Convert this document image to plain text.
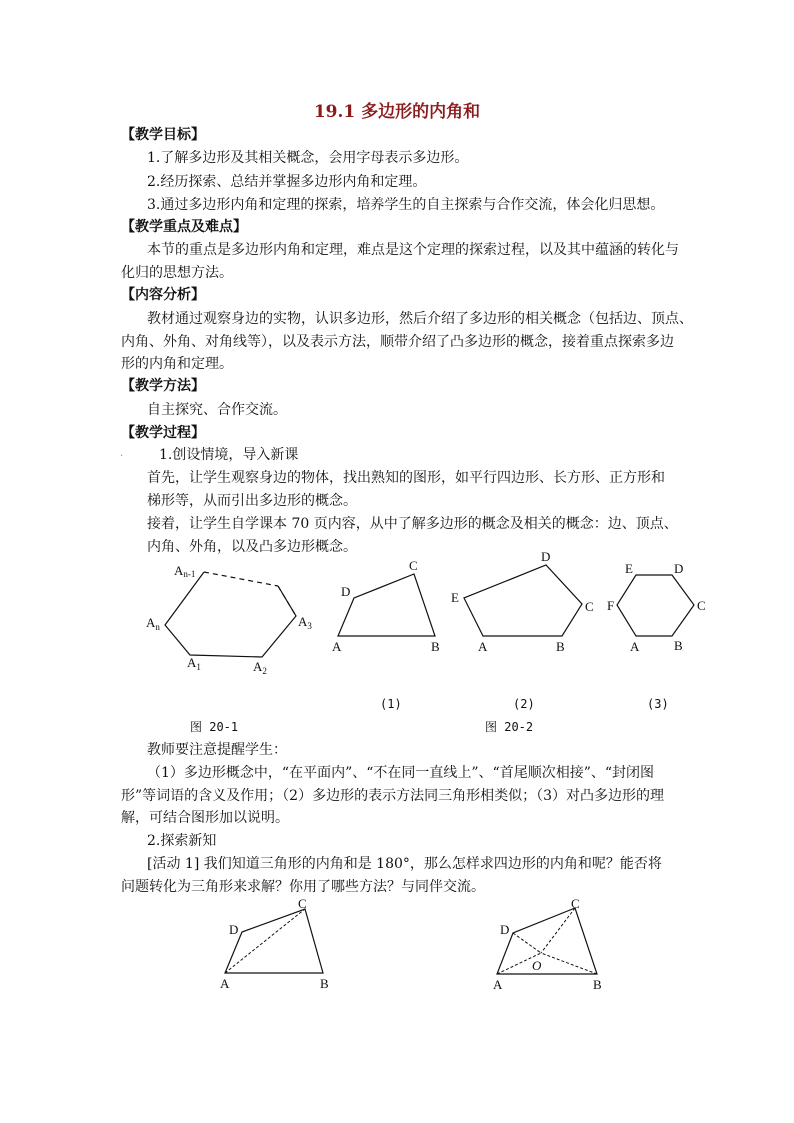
19.1 多边形的内角和
【教学目标】
1.了解多边形及其相关概念，会用字母表示多边形。
2.经历探索、总结并掌握多边形内角和定理。
3.通过多边形内角和定理的探索，培养学生的自主探索与合作交流，体会化归思想。
【教学重点及难点】
本节的重点是多边形内角和定理，难点是这个定理的探索过程，以及其中蕴涵的转化与
化归的思想方法。
【内容分析】
教材通过观察身边的实物，认识多边形，然后介绍了多边形的相关概念（包括边、顶点、
内角、外角、对角线等），以及表示方法，顺带介绍了凸多边形的概念，接着重点探索多边
形的内角和定理。
【教学方法】
自主探究、合作交流。
【教学过程】
.	1.创设情境，导入新课
首先，让学生观察身边的物体，找出熟知的图形，如平行四边形、长方形、正方形和
梯形等，从而引出多边形的概念。
接着，让学生自学课本 70 页内容，从中了解多边形的概念及相关的概念：边、顶点、
内角、外角，以及凸多边形概念。
(1)	(2)	(3)
图 20-1	图 20-2
教师要注意提醒学生：
（1）多边形概念中，“在平面内”、“不在同一直线上”、“首尾顺次相接”、“封闭图
形”等词语的含义及作用；（2）多边形的表示方法同三角形相类似；（3）对凸多边形的理
解，可结合图形加以说明。
2.探索新知
[活动 1] 我们知道三角形的内角和是 180°，那么怎样求四边形的内角和呢？能否将
问题转化为三角形来求解？你用了哪些方法？与同伴交流。
An-1
$A_n$
$A_1$	$A_2$
$A_3$
A	B
C
D
A	B
C
D
E
A	B
C
D
E
F
A	B
C
D
A	B
C
D
O
